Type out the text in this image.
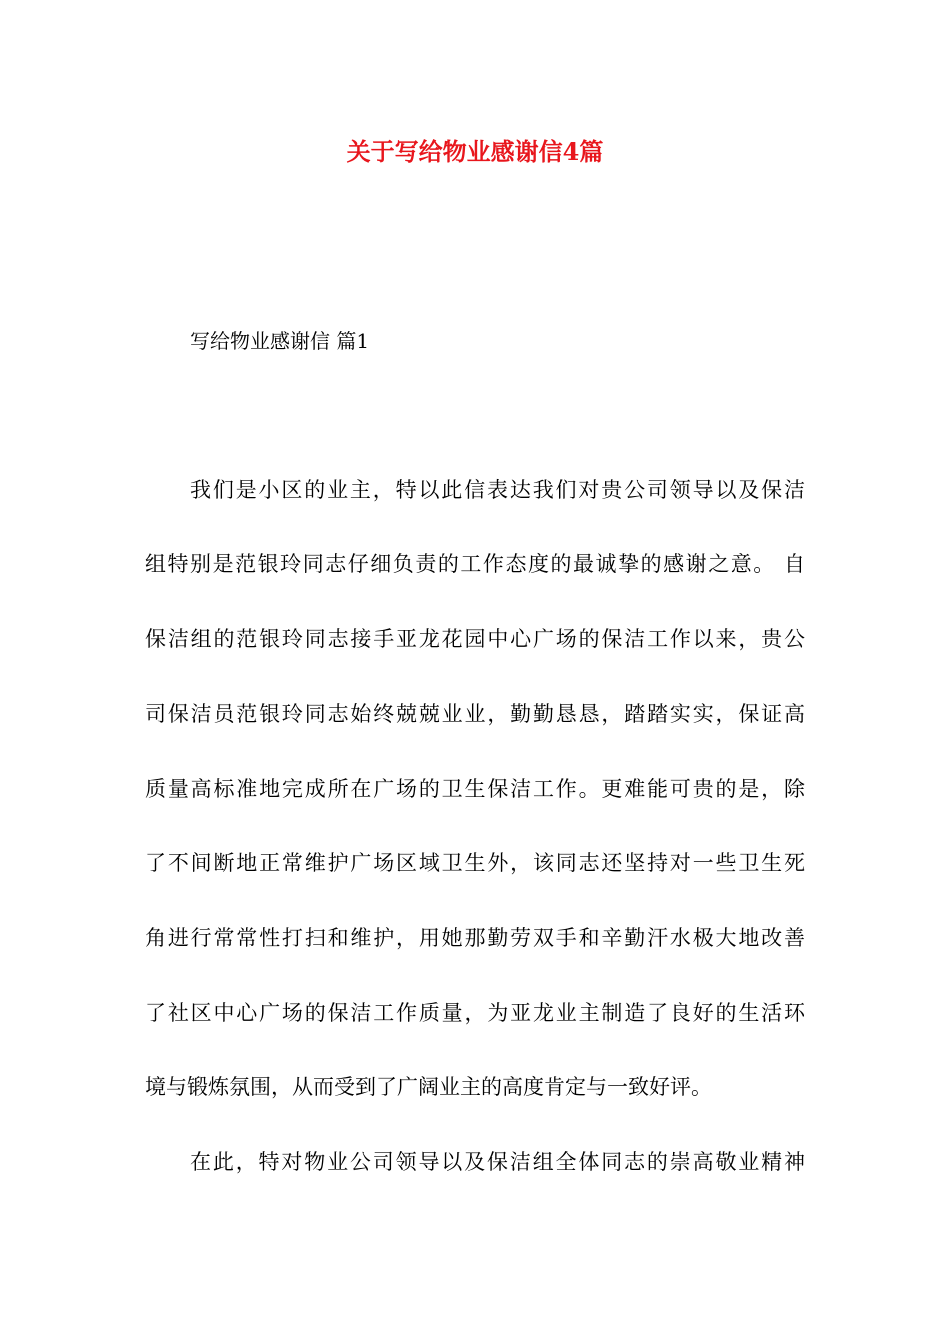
关于写给物业感谢信4篇

写给物业感谢信 篇1

我们是小区的业主，特以此信表达我们对贵公司领导以及保洁

组特别是范银玲同志仔细负责的工作态度的最诚挚的感谢之意。 自

保洁组的范银玲同志接手亚龙花园中心广场的保洁工作以来，贵公

司保洁员范银玲同志始终兢兢业业，勤勤恳恳，踏踏实实，保证高

质量高标准地完成所在广场的卫生保洁工作。更难能可贵的是，除

了不间断地正常维护广场区域卫生外，该同志还坚持对一些卫生死

角进行常常性打扫和维护，用她那勤劳双手和辛勤汗水极大地改善

了社区中心广场的保洁工作质量，为亚龙业主制造了良好的生活环

境与锻炼氛围，从而受到了广阔业主的高度肯定与一致好评。

在此，特对物业公司领导以及保洁组全体同志的崇高敬业精神
